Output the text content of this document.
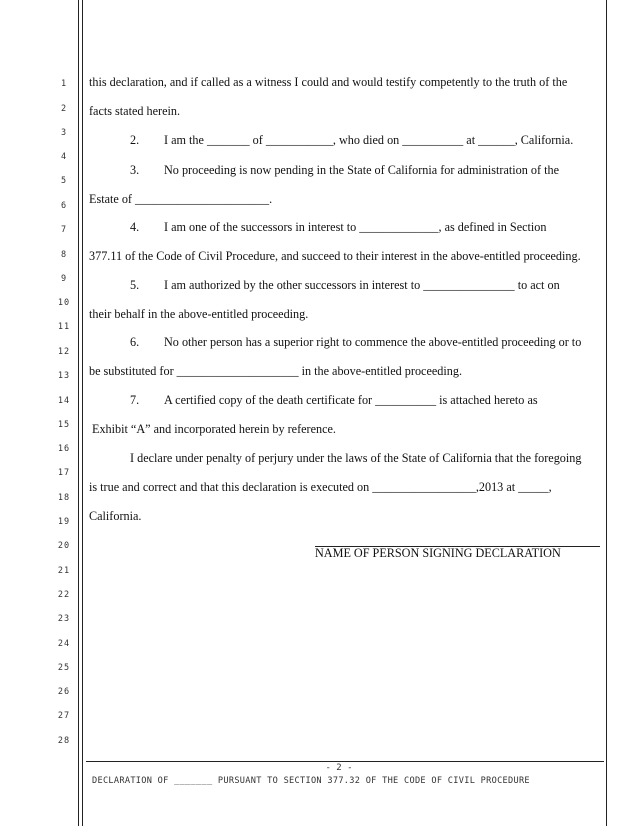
1
2
3
4
5
6
7
8
9
10
11
12
13
14
15
16
17
18
19
20
21
22
23
24
25
26
27
28
this declaration, and if called as a witness I could and would testify competently to the truth of the
facts stated herein.
2. I am the _______ of ___________, who died on __________ at ______, California.
3. No proceeding is now pending in the State of California for administration of the
Estate of ______________________.
4. I am one of the successors in interest to _____________, as defined in Section
377.11 of the Code of Civil Procedure, and succeed to their interest in the above-entitled proceeding.
5. I am authorized by the other successors in interest to _______________ to act on
their behalf in the above-entitled proceeding.
6. No other person has a superior right to commence the above-entitled proceeding or to
be substituted for ____________________ in the above-entitled proceeding.
7. A certified copy of the death certificate for __________ is attached hereto as
Exhibit “A” and incorporated herein by reference.
I declare under penalty of perjury under the laws of the State of California that the foregoing
is true and correct and that this declaration is executed on _________________,2013 at _____,
California.
NAME OF PERSON SIGNING DECLARATION
- 2 -
DECLARATION OF _______ PURSUANT TO SECTION 377.32 OF THE CODE OF CIVIL PROCEDURE
